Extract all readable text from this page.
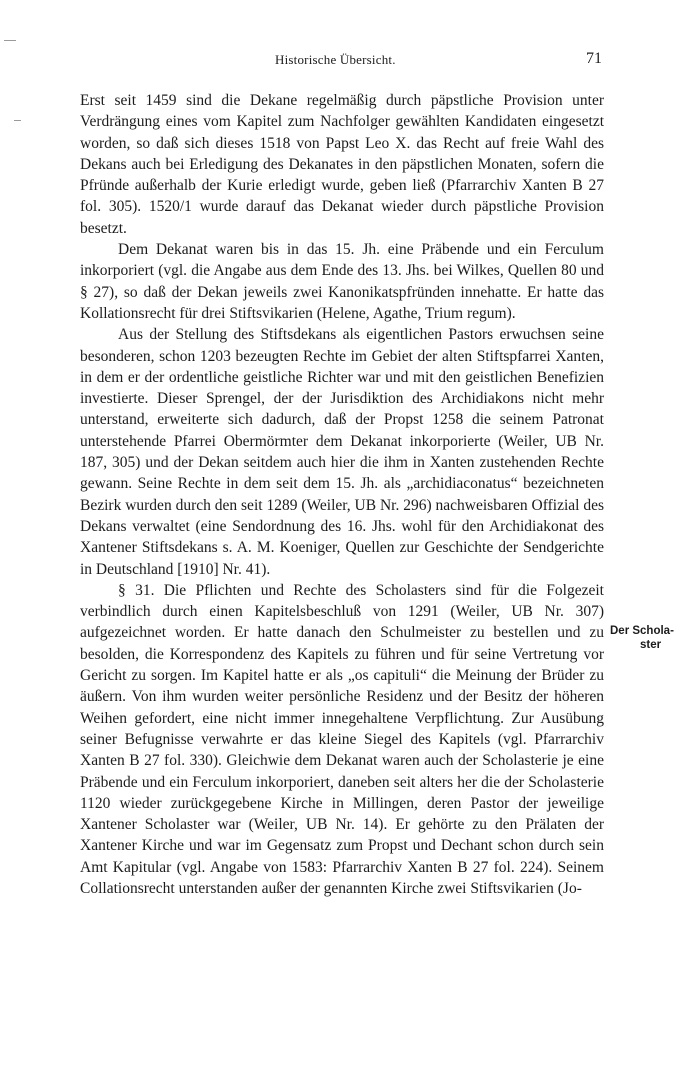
Historische Übersicht.	71

Erst seit 1459 sind die Dekane regelmäßig durch päpstliche Provision unter Verdrängung eines vom Kapitel zum Nachfolger gewählten Kandidaten eingesetzt worden, so daß sich dieses 1518 von Papst Leo X. das Recht auf freie Wahl des Dekans auch bei Erledigung des Dekanates in den päpstlichen Monaten, sofern die Pfründe außerhalb der Kurie erledigt wurde, geben ließ (Pfarrarchiv Xanten B 27 fol. 305). 1520/1 wurde darauf das Dekanat wieder durch päpstliche Provision besetzt.

Dem Dekanat waren bis in das 15. Jh. eine Präbende und ein Ferculum inkorporiert (vgl. die Angabe aus dem Ende des 13. Jhs. bei Wilkes, Quellen 80 und § 27), so daß der Dekan jeweils zwei Kanonikatspfründen innehatte. Er hatte das Kollationsrecht für drei Stiftsvikarien (Helene, Agathe, Trium regum).

Aus der Stellung des Stiftsdekans als eigentlichen Pastors erwuchsen seine besonderen, schon 1203 bezeugten Rechte im Gebiet der alten Stiftspfarrei Xanten, in dem er der ordentliche geistliche Richter war und mit den geistlichen Benefizien investierte. Dieser Sprengel, der der Jurisdiktion des Archidiakons nicht mehr unterstand, erweiterte sich dadurch, daß der Propst 1258 die seinem Patronat unterstehende Pfarrei Obermörmter dem Dekanat inkorporierte (Weiler, UB Nr. 187, 305) und der Dekan seitdem auch hier die ihm in Xanten zustehenden Rechte gewann. Seine Rechte in dem seit dem 15. Jh. als „archidiaconatus“ bezeichneten Bezirk wurden durch den seit 1289 (Weiler, UB Nr. 296) nachweisbaren Offizial des Dekans verwaltet (eine Sendordnung des 16. Jhs. wohl für den Archidiakonat des Xantener Stiftsdekans s. A. M. Koeniger, Quellen zur Geschichte der Sendgerichte in Deutschland [1910] Nr. 41).

§ 31. Die Pflichten und Rechte des Scholasters sind für die Folgezeit verbindlich durch einen Kapitelsbeschluß von 1291 (Weiler, UB Nr. 307) aufgezeichnet worden. Er hatte danach den Schulmeister zu bestellen und zu besolden, die Korrespondenz des Kapitels zu führen und für seine Vertretung vor Gericht zu sorgen. Im Kapitel hatte er als „os capituli“ die Meinung der Brüder zu äußern. Von ihm wurden weiter persönliche Residenz und der Besitz der höheren Weihen gefordert, eine nicht immer innegehaltene Verpflichtung. Zur Ausübung seiner Befugnisse verwahrte er das kleine Siegel des Kapitels (vgl. Pfarrarchiv Xanten B 27 fol. 330). Gleichwie dem Dekanat waren auch der Scholasterie je eine Präbende und ein Ferculum inkorporiert, daneben seit alters her die der Scholasterie 1120 wieder zurückgegebene Kirche in Millingen, deren Pastor der jeweilige Xantener Scholaster war (Weiler, UB Nr. 14). Er gehörte zu den Prälaten der Xantener Kirche und war im Gegensatz zum Propst und Dechant schon durch sein Amt Kapitular (vgl. Angabe von 1583: Pfarrarchiv Xanten B 27 fol. 224). Seinem Collationsrecht unterstanden außer der genannten Kirche zwei Stiftsvikarien (Jo-

Der Schola-
ster
